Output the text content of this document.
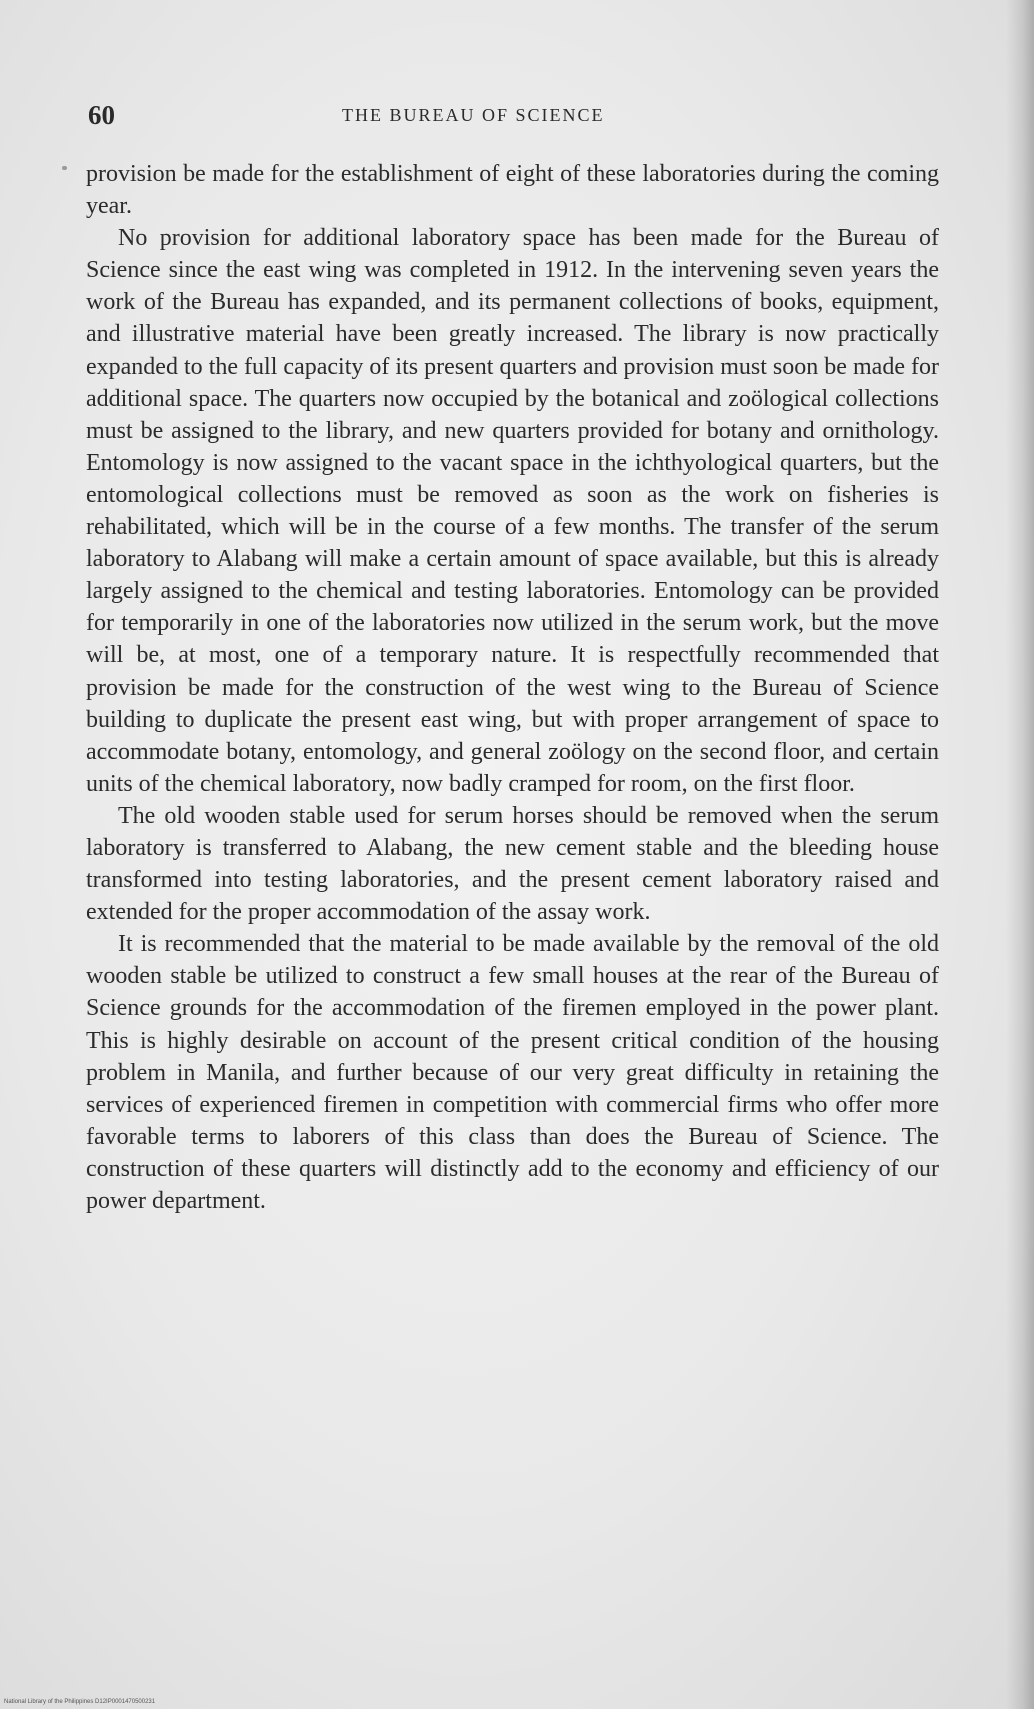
60	THE BUREAU OF SCIENCE

provision be made for the establishment of eight of these laboratories during the coming year.

No provision for additional laboratory space has been made for the Bureau of Science since the east wing was completed in 1912. In the intervening seven years the work of the Bureau has expanded, and its permanent collections of books, equipment, and illustrative material have been greatly increased. The library is now practically expanded to the full capacity of its present quarters and provision must soon be made for additional space. The quarters now occupied by the botanical and zoölogical collections must be assigned to the library, and new quarters provided for botany and ornithology. Entomology is now assigned to the vacant space in the ichthyological quarters, but the entomological collections must be removed as soon as the work on fisheries is rehabilitated, which will be in the course of a few months. The transfer of the serum laboratory to Alabang will make a certain amount of space available, but this is already largely assigned to the chemical and testing laboratories. Entomology can be provided for temporarily in one of the laboratories now utilized in the serum work, but the move will be, at most, one of a temporary nature. It is respectfully recommended that provision be made for the construction of the west wing to the Bureau of Science building to duplicate the present east wing, but with proper arrangement of space to accommodate botany, entomology, and general zoölogy on the second floor, and certain units of the chemical laboratory, now badly cramped for room, on the first floor.

The old wooden stable used for serum horses should be removed when the serum laboratory is transferred to Alabang, the new cement stable and the bleeding house transformed into testing laboratories, and the present cement laboratory raised and extended for the proper accommodation of the assay work.

It is recommended that the material to be made available by the removal of the old wooden stable be utilized to construct a few small houses at the rear of the Bureau of Science grounds for the accommodation of the firemen employed in the power plant. This is highly desirable on account of the present critical condition of the housing problem in Manila, and further because of our very great difficulty in retaining the services of experienced firemen in competition with commercial firms who offer more favorable terms to laborers of this class than does the Bureau of Science. The construction of these quarters will distinctly add to the economy and efficiency of our power department.

National Library of the Philippines D12IP0001470500231
